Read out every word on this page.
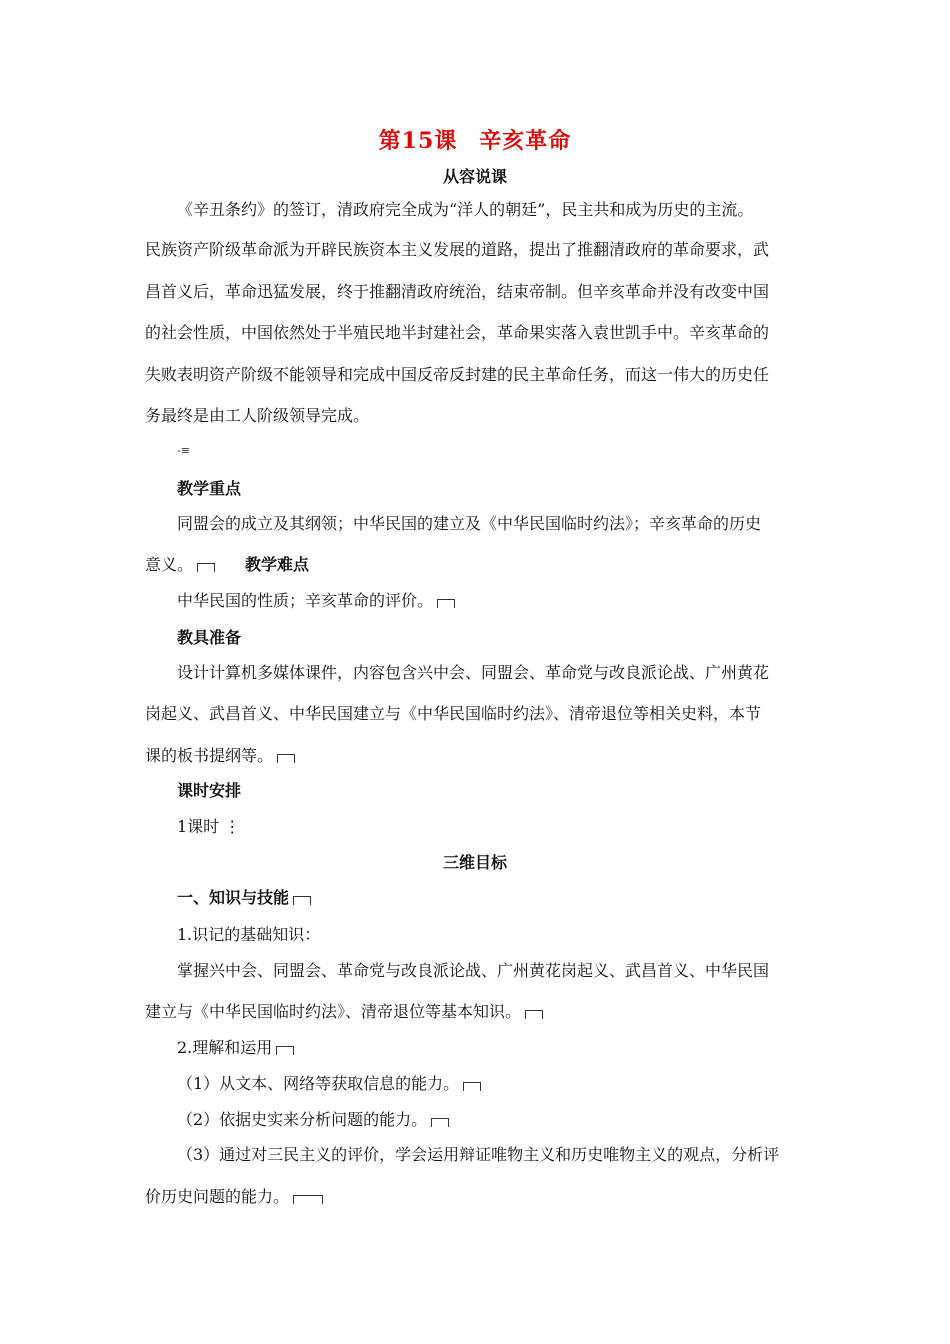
第15课 辛亥革命
从容说课
《辛丑条约》的签订，清政府完全成为“洋人的朝廷”，民主共和成为历史的主流。
民族资产阶级革命派为开辟民族资本主义发展的道路，提出了推翻清政府的革命要求，武
昌首义后，革命迅猛发展，终于推翻清政府统治，结束帝制。但辛亥革命并没有改变中国
的社会性质，中国依然处于半殖民地半封建社会，革命果实落入袁世凯手中。辛亥革命的
失败表明资产阶级不能领导和完成中国反帝反封建的民主革命任务，而这一伟大的历史任
务最终是由工人阶级领导完成。
-≡
教学重点
同盟会的成立及其纲领；中华民国的建立及《中华民国临时约法》；辛亥革命的历史
意义。	教学难点
中华民国的性质；辛亥革命的评价。
教具准备
设计计算机多媒体课件，内容包含兴中会、同盟会、革命党与改良派论战、广州黄花
岗起义、武昌首义、中华民国建立与《中华民国临时约法》、清帝退位等相关史料，本节
课的板书提纲等。
课时安排
1课时 ⋮
三维目标
一、知识与技能
1.识记的基础知识：
掌握兴中会、同盟会、革命党与改良派论战、广州黄花岗起义、武昌首义、中华民国
建立与《中华民国临时约法》、清帝退位等基本知识。
2.理解和运用
（1）从文本、网络等获取信息的能力。
（2）依据史实来分析问题的能力。
（3）通过对三民主义的评价，学会运用辩证唯物主义和历史唯物主义的观点，分析评
价历史问题的能力。
